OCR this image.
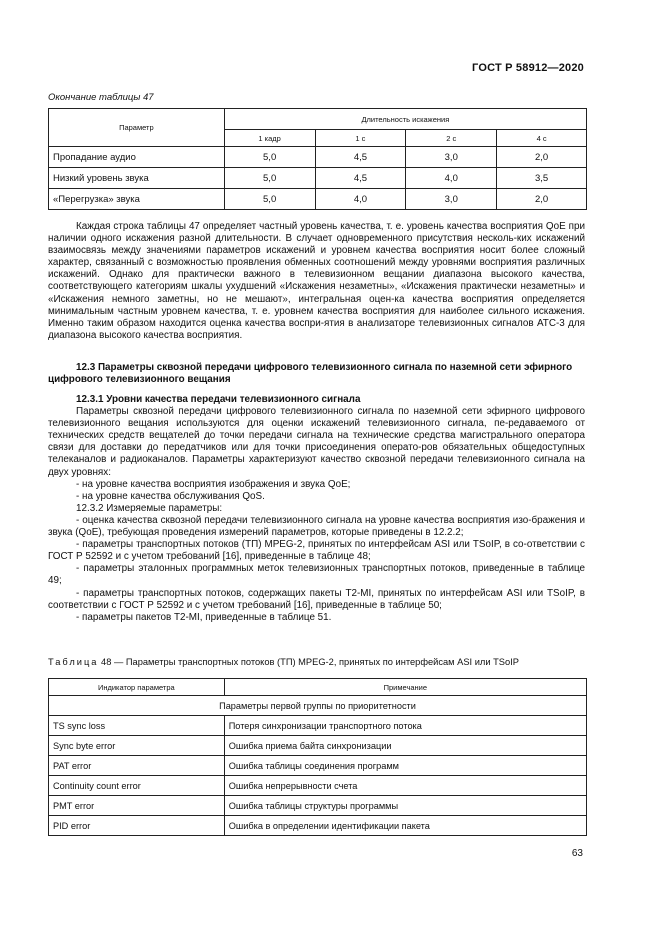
ГОСТ Р 58912—2020
Окончание таблицы 47
Параметр	Длительность искажения			
	1 кадр	1 с	2 с	4 с
Пропадание аудио	5,0	4,5	3,0	2,0
Низкий уровень звука	5,0	4,5	4,0	3,5
«Перегрузка» звука	5,0	4,0	3,0	2,0

Каждая строка таблицы 47 определяет частный уровень качества, т. е. уровень качества восприятия QoE при наличии одного искажения разной длительности. В случает одновременного присутствия несколь-ких искажений взаимосвязь между значениями параметров искажений и уровнем качества восприятия носит более сложный характер, связанный с возможностью проявления обменных соотношений между уровнями восприятия различных искажений. Однако для практически важного в телевизионном вещании диапазона высокого качества, соответствующего категориям шкалы ухудшений «Искажения незаметны», «Искажения практически незаметны» и «Искажения немного заметны, но не мешают», интегральная оцен-ка качества восприятия определяется минимальным частным уровнем качества, т. е. уровнем качества восприятия для наиболее сильного искажения. Именно таким образом находится оценка качества воспри-ятия в анализаторе телевизионных сигналов АТС-3 для диапазона высокого качества восприятия.

12.3 Параметры сквозной передачи цифрового телевизионного сигнала по наземной сети эфирного цифрового телевизионного вещания

12.3.1 Уровни качества передачи телевизионного сигнала

Параметры сквозной передачи цифрового телевизионного сигнала по наземной сети эфирного цифрового телевизионного вещания используются для оценки искажений телевизионного сигнала, пе-редаваемого от технических средств вещателей до точки передачи сигнала на технические средства магистрального оператора связи для доставки до передатчиков или для точки присоединения операто-ров обязательных общедоступных телеканалов и радиоканалов. Параметры характеризуют качество сквозной передачи телевизионного сигнала на двух уровнях:

- на уровне качества восприятия изображения и звука QoE;

- на уровне качества обслуживания QoS.

12.3.2 Измеряемые параметры:

- оценка качества сквозной передачи телевизионного сигнала на уровне качества восприятия изо-бражения и звука (QoE), требующая проведения измерений параметров, которые приведены в 12.2.2;

- параметры транспортных потоков (ТП) MPEG-2, принятых по интерфейсам ASI или TSoIP, в со-ответствии с ГОСТ Р 52592 и с учетом требований [16], приведенные в таблице 48;

- параметры эталонных программных меток телевизионных транспортных потоков, приведенные в таблице 49;

- параметры транспортных потоков, содержащих пакеты T2-MI, принятых по интерфейсам ASI или TSoIP, в соответствии с ГОСТ Р 52592 и с учетом требований [16], приведенные в таблице 50;

- параметры пакетов T2-MI, приведенные в таблице 51.

Таблица 48 — Параметры транспортных потоков (ТП) MPEG-2, принятых по интерфейсам ASI или TSoIP
Индикатор параметра	Примечание
Параметры первой группы по приоритетности	
TS sync loss	Потеря синхронизации транспортного потока
Sync byte error	Ошибка приема байта синхронизации
PAT error	Ошибка таблицы соединения программ
Continuity count error	Ошибка непрерывности счета
PMT error	Ошибка таблицы структуры программы
PID error	Ошибка в определении идентификации пакета
63
